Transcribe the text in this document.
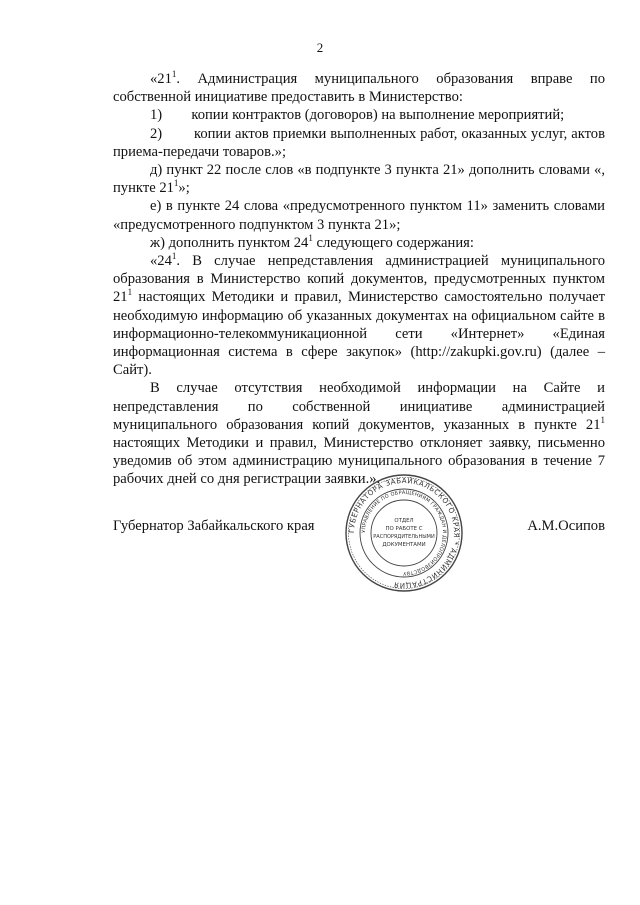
2

«$21^1$. Администрация муниципального образования вправе по собственной инициативе предоставить в Министерство:

1)        копии контрактов (договоров) на выполнение мероприятий;

2)        копии актов приемки выполненных работ, оказанных услуг, актов приема-передачи товаров.»;

д) пункт 22 после слов «в подпункте 3 пункта 21» дополнить словами «, пункте $21^1$»;

е) в пункте 24 слова «предусмотренного пунктом 11» заменить словами «предусмотренного подпунктом 3 пункта 21»;

ж) дополнить пунктом $24^1$ следующего содержания:

«$24^1$. В случае непредставления администрацией муниципального образования в Министерство копий документов, предусмотренных пунктом $21^1$ настоящих Методики и правил, Министерство самостоятельно получает необходимую информацию об указанных документах на официальном сайте в информационно-телекоммуникационной сети «Интернет» «Единая информационная система в сфере закупок» (http://zakupki.gov.ru) (далее – Сайт).

В случае отсутствия необходимой информации на Сайте и непредставления по собственной инициативе администрацией муниципального образования копий документов, указанных в пункте $21^1$ настоящих Методики и правил, Министерство отклоняет заявку, письменно уведомив об этом администрацию муниципального образования в течение 7 рабочих дней со дня регистрации заявки.».

Губернатор Забайкальского края	А.М.Осипов
ГУБЕРНАТОРА ЗАБАЙКАЛЬСКОГО КРАЯ * АДМИНИСТРАЦИЯ
УПРАВЛЕНИЕ ПО ОБРАЩЕНИЯМ ГРАЖДАН И ДЕЛОПРОИЗВОДСТВУ
ОТДЕЛ
ПО РАБОТЕ С
РАСПОРЯДИТЕЛЬНЫМИ
ДОКУМЕНТАМИ
